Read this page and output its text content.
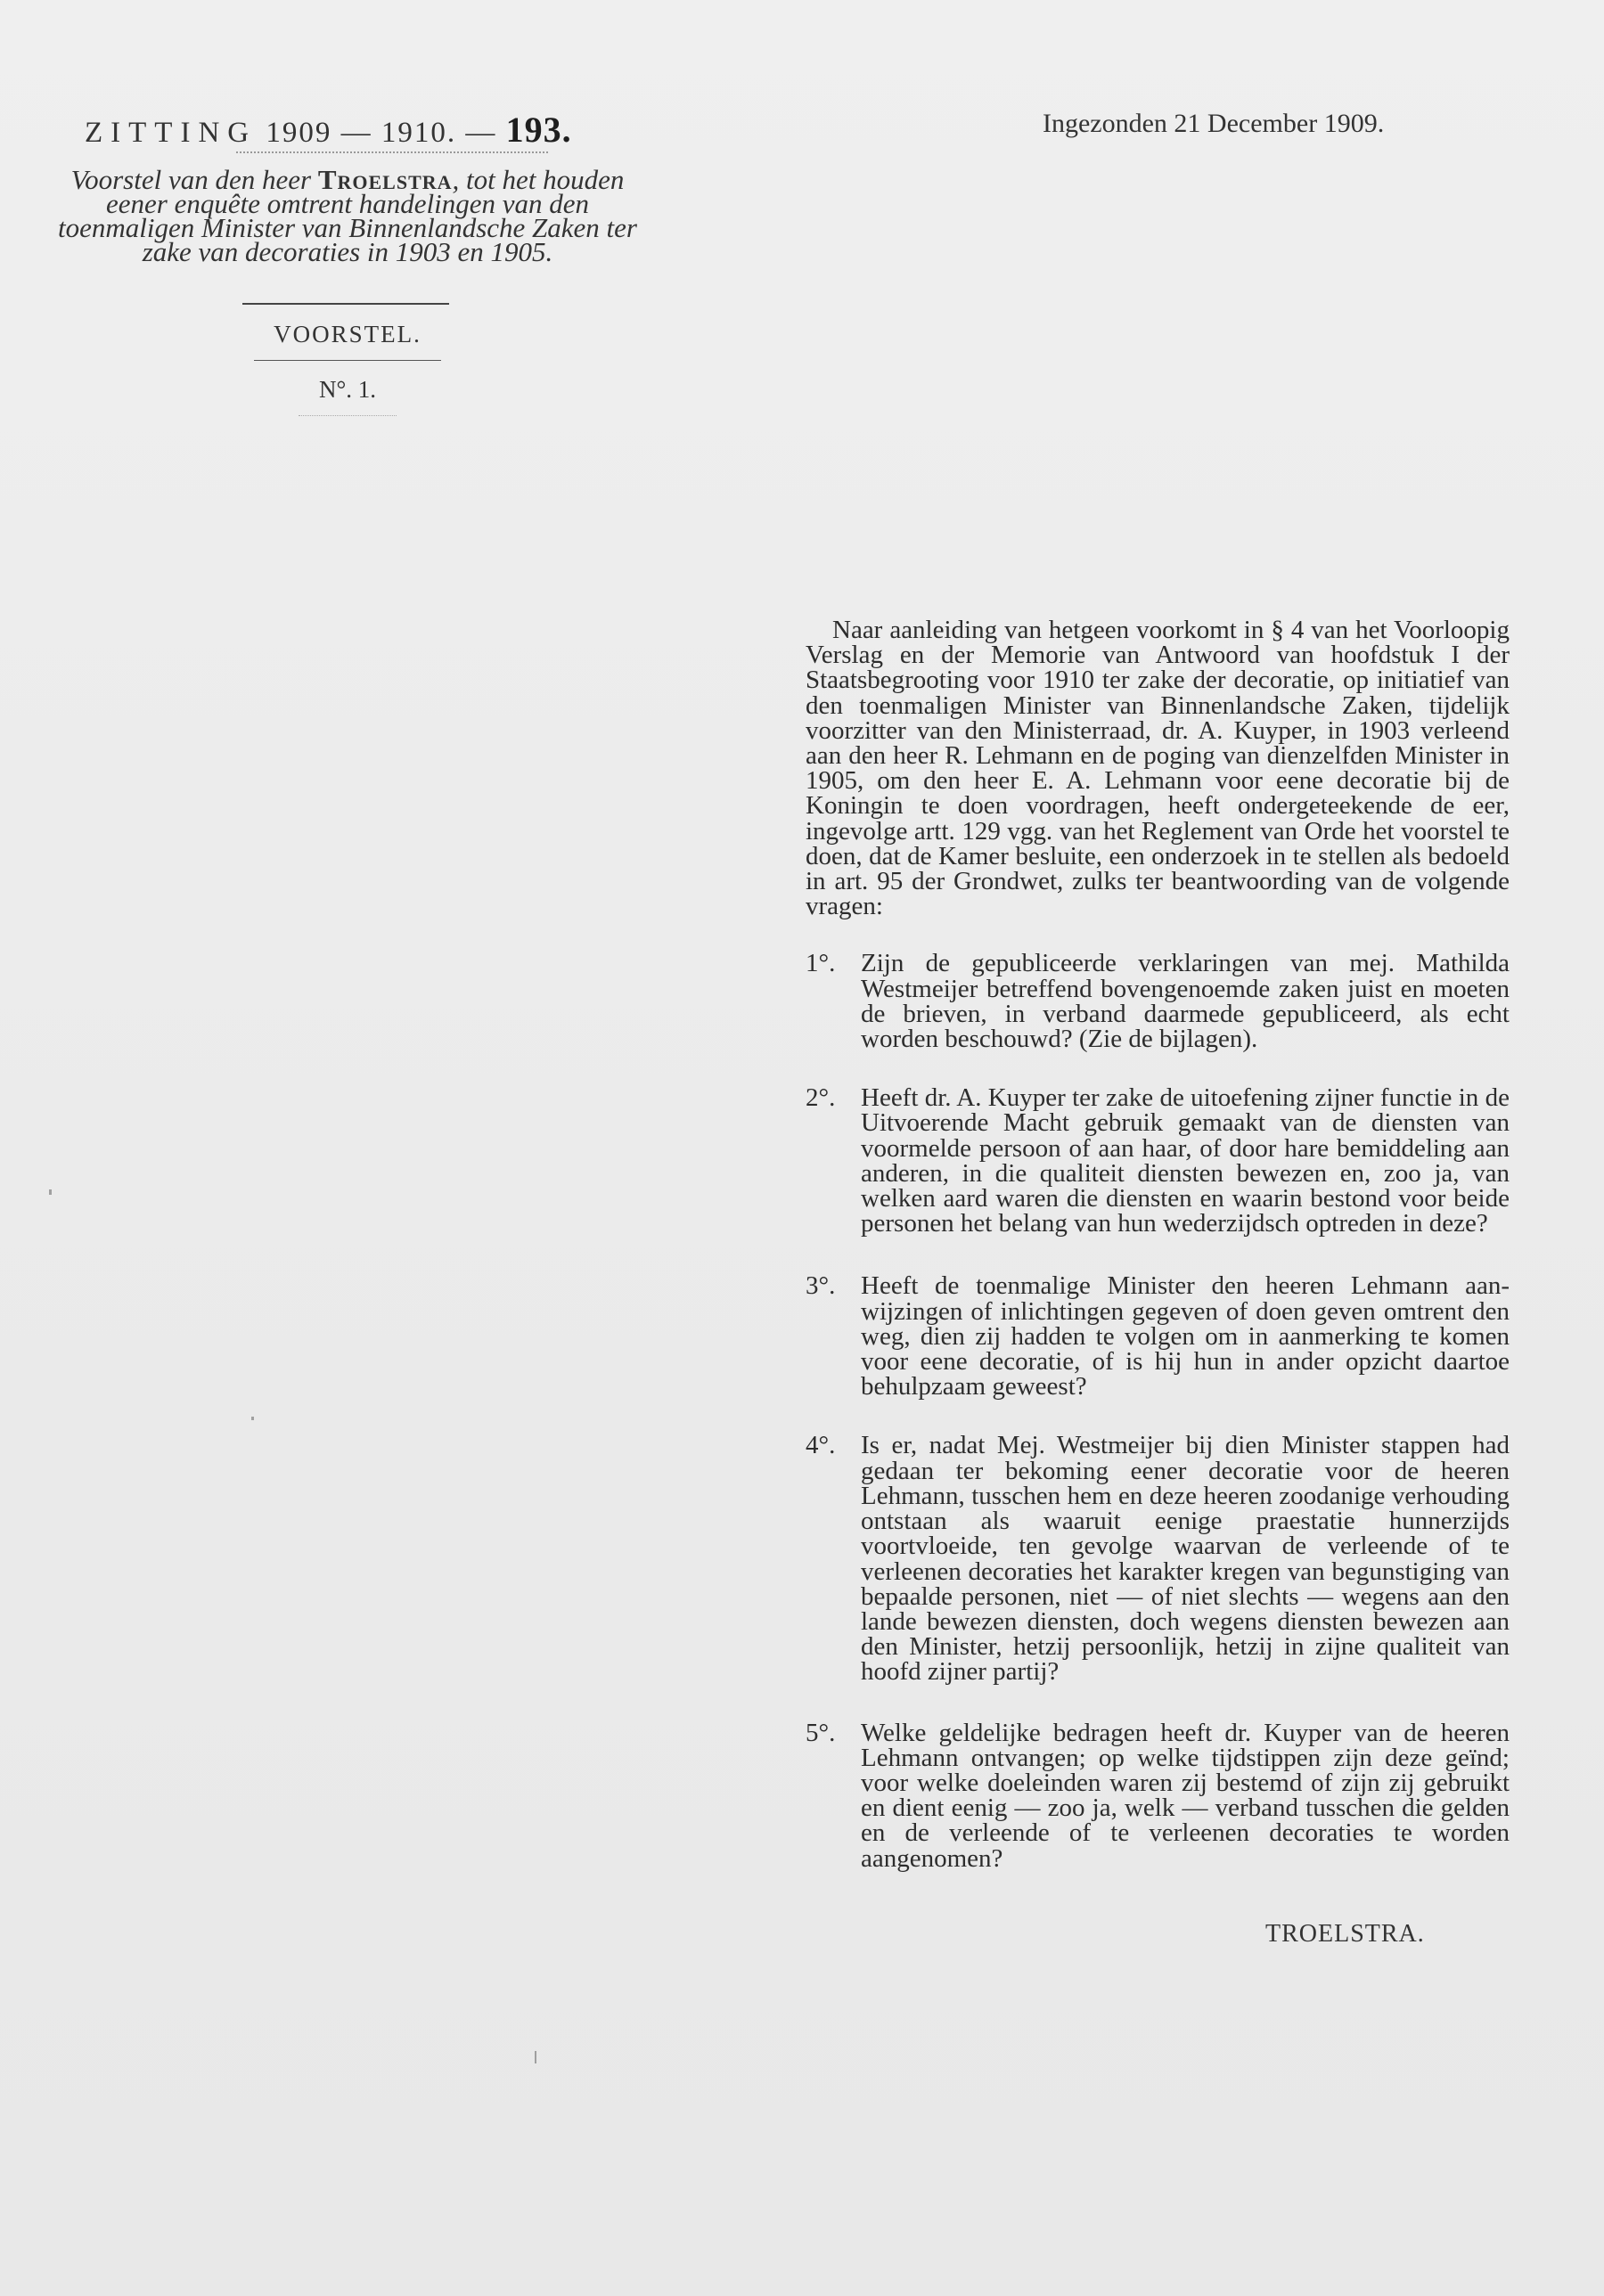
ZITTING 1909 — 1910. — 193.	Ingezonden 21 December 1909.
Voorstel van den heer Troelstra, tot het houden eener enquête omtrent handelingen van den toenmaligen Minister van Binnenlandsche Zaken ter zake van decoraties in 1903 en 1905.
VOORSTEL.
N°. 1.

Naar aanleiding van hetgeen voorkomt in § 4 van het Voorloopig Verslag en der Memorie van Antwoord van hoofdstuk I der Staatsbegrooting voor 1910 ter zake der decoratie, op initiatief van den toenmaligen Minister van Binnenlandsche Zaken, tijdelijk voorzitter van den Ministerraad, dr. A. Kuyper, in 1903 verleend aan den heer R. Lehmann en de poging van dienzelfden Minister in 1905, om den heer E. A. Lehmann voor eene decoratie bij de Koningin te doen voordragen, heeft ondergeteekende de eer, ingevolge artt. 129 vgg. van het Reglement van Orde het voorstel te doen, dat de Kamer besluite, een onderzoek in te stellen als bedoeld in art. 95 der Grondwet, zulks ter beantwoording van de volgende vragen:

1°. Zijn de gepubliceerde verklaringen van mej. Mathilda Westmeijer betreffend bovengenoemde zaken juist en moeten de brieven, in verband daarmede gepubliceerd, als echt worden beschouwd? (Zie de bijlagen).
2°. Heeft dr. A. Kuyper ter zake de uitoefening zijner functie in de Uitvoerende Macht gebruik gemaakt van de diensten van voormelde persoon of aan haar, of door hare bemiddeling aan anderen, in die qualiteit diensten bewezen en, zoo ja, van welken aard waren die diensten en waarin bestond voor beide personen het belang van hun wederzijdsch optreden in deze?
3°. Heeft de toenmalige Minister den heeren Lehmann aanwijzingen of inlichtingen gegeven of doen geven omtrent den weg, dien zij hadden te volgen om in aanmerking te komen voor eene decoratie, of is hij hun in ander opzicht daartoe behulpzaam geweest?
4°. Is er, nadat Mej. Westmeijer bij dien Minister stappen had gedaan ter bekoming eener decoratie voor de heeren Lehmann, tusschen hem en deze heeren zoodanige verhouding ontstaan als waaruit eenige praestatie hunnerzijds voortvloeide, ten gevolge waarvan de verleende of te verleenen decoraties het karakter kregen van begunstiging van bepaalde personen, niet — of niet slechts — wegens aan den lande bewezen diensten, doch wegens diensten bewezen aan den Minister, hetzij persoonlijk, hetzij in zijne qualiteit van hoofd zijner partij?
5°. Welke geldelijke bedragen heeft dr. Kuyper van de heeren Lehmann ontvangen; op welke tijdstippen zijn deze geïnd; voor welke doeleinden waren zij bestemd of zijn zij gebruikt en dient eenig — zoo ja, welk — verband tusschen die gelden en de verleende of te verleenen decoraties te worden aangenomen?
TROELSTRA.
